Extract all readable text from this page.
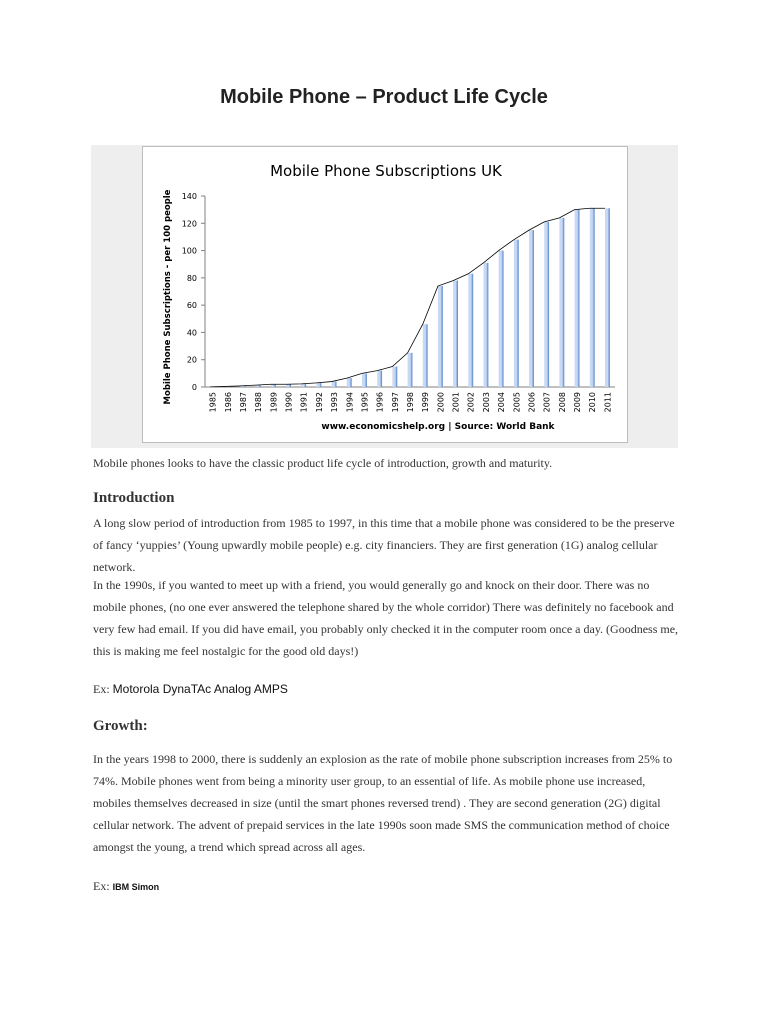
Mobile Phone – Product Life Cycle
Mobile Phone Subscriptions UK
Mobile Phone Subscriptions - per 100 people
www.economicshelp.org | Source: World Bank
0
20
40
60
80
100
120
140
1985 1986 1987 1988 1989 1990 1991 1992 1993 1994 1995 1996 1997 1998 1999 2000 2001 2002 2003 2004 2005 2006 2007 2008 2009 2010 2011

Mobile phones looks to have the classic product life cycle of introduction, growth and maturity.

Introduction

A long slow period of introduction from 1985 to 1997, in this time that a mobile phone was considered to be the preserve of fancy ‘yuppies’ (Young upwardly mobile people) e.g. city financiers. They are first generation (1G) analog cellular network.

In the 1990s, if you wanted to meet up with a friend, you would generally go and knock on their door. There was no mobile phones, (no one ever answered the telephone shared by the whole corridor) There was definitely no facebook and very few had email. If you did have email, you probably only checked it in the computer room once a day. (Goodness me, this is making me feel nostalgic for the good old days!)

Ex: Motorola DynaTAc Analog AMPS
Growth:

In the years 1998 to 2000, there is suddenly an explosion as the rate of mobile phone subscription increases from 25% to 74%. Mobile phones went from being a minority user group, to an essential of life. As mobile phone use increased, mobiles themselves decreased in size (until the smart phones reversed trend) . They are second generation (2G) digital cellular network. The advent of prepaid services in the late 1990s soon made SMS the communication method of choice amongst the young, a trend which spread across all ages.

Ex: IBM Simon
